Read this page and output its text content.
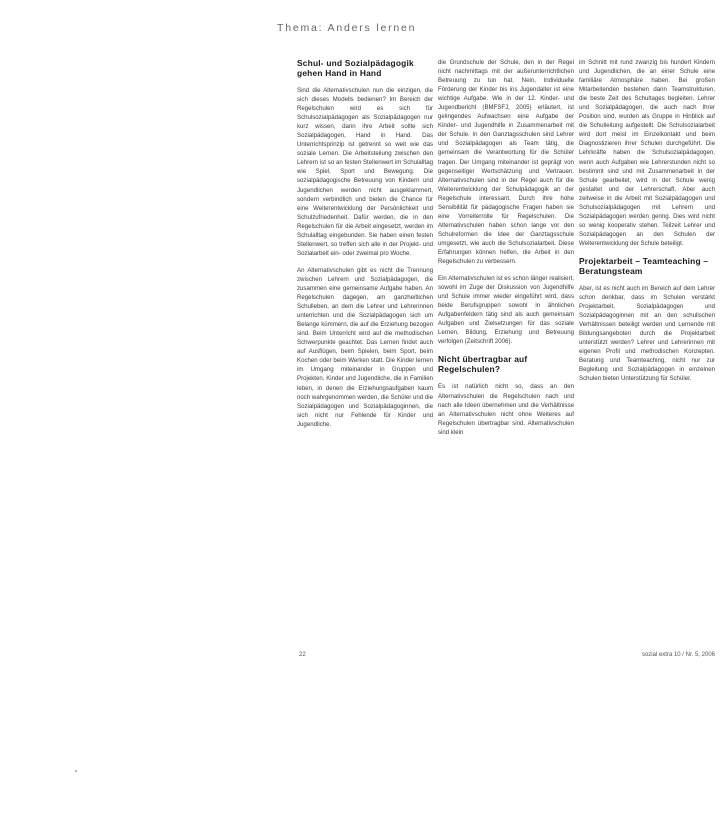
Thema: Anders lernen
Schul- und Sozialpädagogik gehen Hand in Hand

Sind die Alternativschulen nun die einzigen, die sich dieses Modells bedienen? Im Bereich der Regelschulen wird es sich für Schulsozialpädagogen als Sozialpädagogen nur kurz wissen, dann ihre Arbeit sollte sich Sozialpädagogen, Hand in Hand. Das Unterrichtsprinzip ist getrennt so weit wie das soziale Lernen. Die Arbeitsteilung zwischen den Lehrern ist so an festen Stellenwert im Schulalltag wie Spiel, Sport und Bewegung. Die sozialpädagogische Betreuung von Kindern und Jugendlichen werden nicht ausgeklammert, sondern verbindlich und bieten die Chance für eine Weiterentwicklung der Persönlichkeit und Schulzufriedenheit. Dafür werden, die in den Regelschulen für die Arbeit eingesetzt, werden im Schulalltag eingebunden. Sie haben einen festen Stellenwert, so treffen sich alle in der Projekt- und Sozialarbeit ein- oder zweimal pro Woche.

An Alternativschulen gibt es nicht die Trennung zwischen Lehrern und Sozialpädagogen, die zusammen eine gemeinsame Aufgabe haben. An Regelschulen dagegen, am ganzheitlichen Schulleben, an dem die Lehrer und Lehrerinnen unterrichten und die Sozialpädagogen sich um Belange kümmern, die auf die Erziehung bezogen sind. Beim Unterricht wird auf die methodischen Schwerpunkte geachtet. Das Lernen findet auch auf Ausflügen, beim Spielen, beim Sport, beim Kochen oder beim Werken statt. Die Kinder lernen im Umgang miteinander in Gruppen und Projekten. Kinder und Jugendliche, die in Familien leben, in denen die Erziehungsaufgaben kaum noch wahrgenommen werden, die Schüler und die Sozialpädagogen und Sozialpädagoginnen, die sich nicht nur Fehlende für Kinder und Jugendliche.

die Grundschule der Schule, den in der Regel nicht nachmittags mit der außerunterrichtlichen Betreuung zu tun hat. Nein, Individuelle Förderung der Kinder bis ins Jugendalter ist eine wichtige Aufgabe. Wie in der 12. Kinder- und Jugendbericht (BMFSFJ, 2005) erläutert, ist gelingendes Aufwachsen eine Aufgabe der Kinder- und Jugendhilfe in Zusammenarbeit mit der Schule. In den Ganztagsschulen sind Lehrer und Sozialpädagogen als Team tätig, die gemeinsam die Verantwortung für die Schüler tragen. Der Umgang miteinander ist geprägt von gegenseitiger Wertschätzung und Vertrauen. Alternativschulen sind in der Regel auch für die Weiterentwicklung der Schulpädagogik an der Regelschule interessant. Durch ihre hohe Sensibilität für pädagogische Fragen haben sie eine Vorreiterrolle für Regelschulen. Die Alternativschulen haben schon lange vor den Schulreformen die Idee der Ganztagsschule umgesetzt, wie auch die Schulsozialarbeit. Diese Erfahrungen können helfen, die Arbeit in den Regelschulen zu verbessern.

Ein Alternativschulen ist es schon länger realisiert, sowohl im Zuge der Diskussion von Jugendhilfe und Schule immer wieder eingeführt wird, dass beide Berufsgruppen sowohl in ähnlichen Aufgabenfeldern tätig sind als auch gemeinsam Aufgaben und Zielsetzungen für das soziale Lernen, Bildung, Erziehung und Betreuung verfolgen (Zeitschrift 2006).

Nicht übertragbar auf Regelschulen?

Es ist natürlich nicht so, dass an den Alternativschulen die Regelschulen nach und nach alle Ideen übernehmen und die Verhältnisse an Alternativschulen nicht ohne Weiteres auf Regelschulen übertragbar sind. Alternativschulen sind klein

im Schnitt mit rund zwanzig bis hundert Kindern und Jugendlichen, die an einer Schule eine familiäre Atmosphäre haben. Bei großen Mitarbeitenden bestehen dann Teamstrukturen, die beste Zeit des Schultages begleiten. Lehrer und Sozialpädagogen, die auch nach Ihrer Position sind, wurden als Gruppe in Hinblick auf die Schulleitung aufgestellt. Die Schulsozialarbeit wird dort meist im Einzelkontakt und beim Diagnostizieren ihrer Schulen durchgeführt. Die Lehrkräfte haben die Schulsozialpädagogen, wenn auch Aufgaben wie Lehrerstunden nicht so bestimmt sind und mit Zusammenarbeit in der Schule gearbeitet, wird in der Schule wenig gestaltet und der Lehrerschaft. Aber auch zeitweise in die Arbeit mit Sozialpädagogen und Schulsozialpädagogen mit Lehrern und Sozialpädagogen werden gering. Dies wird nicht so wenig kooperativ stehen. Teilzeit Lehrer und Sozialpädagogen an den Schulen der Weiterentwicklung der Schule beteiligt.

Projektarbeit – Teamteaching – Beratungsteam

Aber, ist es nicht auch im Bereich auf dem Lehrer schon denkbar, dass im Schulen verstärkt Projektarbeit, Sozialpädagogen und Sozialpädagoginnen mit an den schulischen Verhältnissen beteiligt werden und Lernende mit Bildungsangeboten durch die Projektarbeit unterstützt werden? Lehrer und Lehrerinnen mit eigenen Profil und methodischen Konzepten. Beratung und Teamteaching, nicht nur zur Begleitung und Sozialpädagogen in einzelnen Schulen bieten Unterstützung für Schüler.

22	sozial extra 10 / Nr. 5, 2006
